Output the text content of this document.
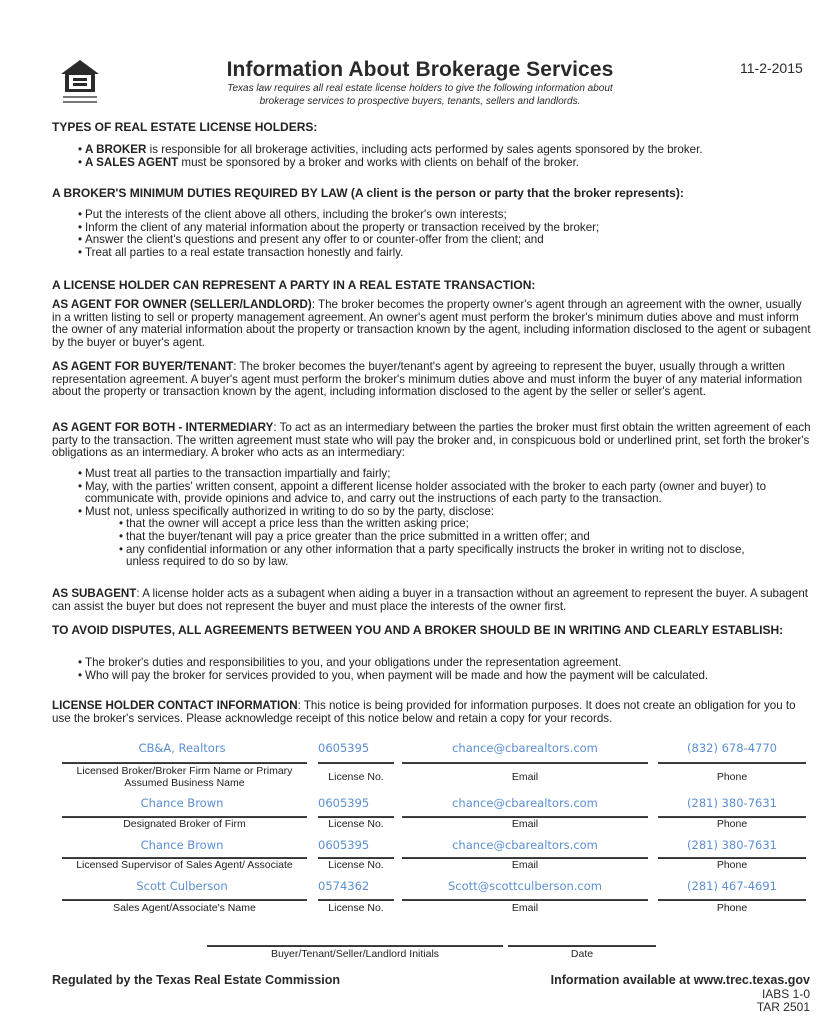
Information About Brokerage Services
Texas law requires all real estate license holders to give the following information about
brokerage services to prospective buyers, tenants, sellers and landlords.
11-2-2015
TYPES OF REAL ESTATE LICENSE HOLDERS:
• A BROKER is responsible for all brokerage activities, including acts performed by sales agents sponsored by the broker.
• A SALES AGENT must be sponsored by a broker and works with clients on behalf of the broker.
A BROKER'S MINIMUM DUTIES REQUIRED BY LAW (A client is the person or party that the broker represents):
• Put the interests of the client above all others, including the broker's own interests;
• Inform the client of any material information about the property or transaction received by the broker;
• Answer the client's questions and present any offer to or counter-offer from the client; and
• Treat all parties to a real estate transaction honestly and fairly.
A LICENSE HOLDER CAN REPRESENT A PARTY IN A REAL ESTATE TRANSACTION:
AS AGENT FOR OWNER (SELLER/LANDLORD): The broker becomes the property owner's agent through an agreement with the owner, usually in a written listing to sell or property management agreement. An owner's agent must perform the broker's minimum duties above and must inform the owner of any material information about the property or transaction known by the agent, including information disclosed to the agent or subagent by the buyer or buyer's agent.
AS AGENT FOR BUYER/TENANT: The broker becomes the buyer/tenant's agent by agreeing to represent the buyer, usually through a written representation agreement. A buyer's agent must perform the broker's minimum duties above and must inform the buyer of any material information about the property or transaction known by the agent, including information disclosed to the agent by the seller or seller's agent.
AS AGENT FOR BOTH - INTERMEDIARY: To act as an intermediary between the parties the broker must first obtain the written agreement of each party to the transaction. The written agreement must state who will pay the broker and, in conspicuous bold or underlined print, set forth the broker's obligations as an intermediary. A broker who acts as an intermediary:
• Must treat all parties to the transaction impartially and fairly;
• May, with the parties' written consent, appoint a different license holder associated with the broker to each party (owner and buyer) to communicate with, provide opinions and advice to, and carry out the instructions of each party to the transaction.
• Must not, unless specifically authorized in writing to do so by the party, disclose:
• that the owner will accept a price less than the written asking price;
• that the buyer/tenant will pay a price greater than the price submitted in a written offer; and
• any confidential information or any other information that a party specifically instructs the broker in writing not to disclose, unless required to do so by law.
AS SUBAGENT: A license holder acts as a subagent when aiding a buyer in a transaction without an agreement to represent the buyer. A subagent can assist the buyer but does not represent the buyer and must place the interests of the owner first.
TO AVOID DISPUTES, ALL AGREEMENTS BETWEEN YOU AND A BROKER SHOULD BE IN WRITING AND CLEARLY ESTABLISH:
• The broker's duties and responsibilities to you, and your obligations under the representation agreement.
• Who will pay the broker for services provided to you, when payment will be made and how the payment will be calculated.
LICENSE HOLDER CONTACT INFORMATION: This notice is being provided for information purposes. It does not create an obligation for you to use the broker's services. Please acknowledge receipt of this notice below and retain a copy for your records.
CB&A, Realtors	0605395	chance@cbarealtors.com	(832) 678-4770
Licensed Broker/Broker Firm Name or Primary Assumed Business Name	License No.	Email	Phone
Chance Brown	0605395	chance@cbarealtors.com	(281) 380-7631
Designated Broker of Firm	License No.	Email	Phone
Chance Brown	0605395	chance@cbarealtors.com	(281) 380-7631
Licensed Supervisor of Sales Agent/ Associate	License No.	Email	Phone
Scott Culberson	0574362	Scott@scottculberson.com	(281) 467-4691
Sales Agent/Associate's Name	License No.	Email	Phone
Buyer/Tenant/Seller/Landlord Initials	Date
Regulated by the Texas Real Estate Commission	Information available at www.trec.texas.gov
IABS 1-0
TAR 2501
